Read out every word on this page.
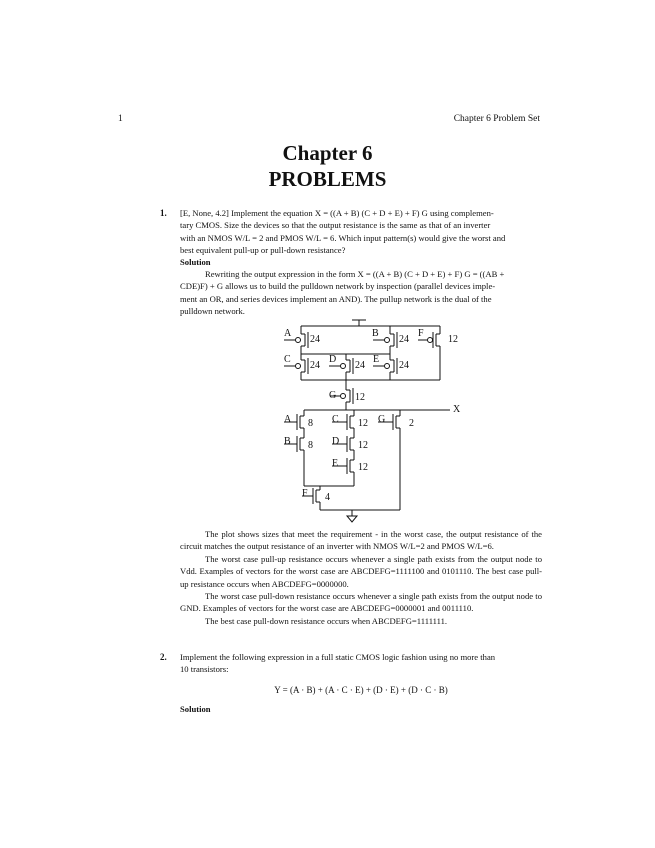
1	Chapter 6 Problem Set
Chapter 6
PROBLEMS
1. [E, None, 4.2] Implement the equation X = ((A + B) (C + D + E) + F) G using complemen-
tary CMOS. Size the devices so that the output resistance is the same as that of an inverter
with an NMOS W/L = 2 and PMOS W/L = 6. Which input pattern(s) would give the worst and
best equivalent pull-up or pull-down resistance?
Solution
Rewriting the output expression in the form X = ((A + B) (C + D + E) + F) G = ((AB +
CDE)F) + G allows us to build the pulldown network by inspection (parallel devices imple-
ment an OR, and series devices implement an AND). The pullup network is the dual of the
pulldown network.
A
24
B
24
F
12
C
24
D
24
E
24
G 12
X
A 8 C 12 G 2
B 8 D 12
E 12
F 4

The plot shows sizes that meet the requirement - in the worst case, the output resistance of the circuit matches the output resistance of an inverter with NMOS W/L=2 and PMOS W/L=6.

The worst case pull-up resistance occurs whenever a single path exists from the output node to Vdd. Examples of vectors for the worst case are ABCDEFG=1111100 and 0101110. The best case pull-up resistance occurs when ABCDEFG=0000000.

The worst case pull-down resistance occurs whenever a single path exists from the output node to GND. Examples of vectors for the worst case are ABCDEFG=0000001 and 0011110.

The best case pull-down resistance occurs when ABCDEFG=1111111.

2. Implement the following expression in a full static CMOS logic fashion using no more than
10 transistors:
Y = (A · B) + (A · C · E) + (D · E) + (D · C · B)
Solution
